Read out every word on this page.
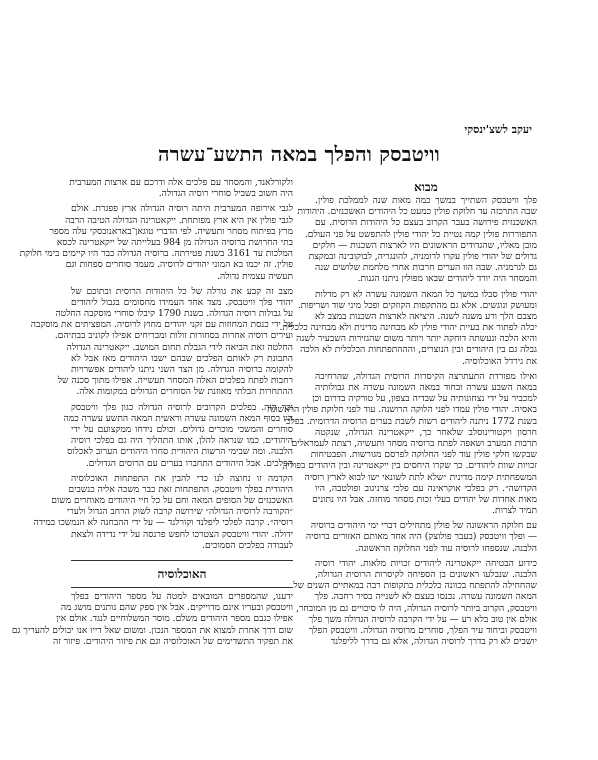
יעקב לשצ'ינסקי
וויטבסק והפלך במאה התשע־עשרה
מבוא
פלך וויטבסק השתייך במשך כמה מאות שנה לממלכת פולין.
שבה התרכזה עד חלוקת פולין כמעט כל היהודים האשכנזים. היהודות
האשכנזית פירושה בעבר הקרוב בעצם כל היהודות הרוסית. עם
התפוררות פולין קמה נטיית כל יהודי פולין להתפשט על פני העולם.
מובן מאליו, שהגדודים הראשונים היו לארצות השכנות — חלקים
גדולים של יהודי פולין עקרו לרומניה, להונגריה, לבוקובינה ובמקצת
גם לגרמניה. שבה הוו הערים חרבות אחרי מלחמת שלושים שנה
והמסחר היה יורד ליהודים שבאו מפולין ניתנו הגנות.
יהודי פולין סבלו במשך כל המאה השמונה עשרה לא רק מדלות
ומעושק ונוגשים. אלא גם מהתקפות הקוזקים ופכל מיני שוד ושריפות.
מצבם הלך ורע משנה לשנה. היציאה לארצות השכנות במצב לא
יכלה לפתור את בעיית יהודי פולין לא מבחינה מדינית ולא מבחינה כלכלית.
והיא הלכה ונעשתה דוחקה יותר ויותר משום שהגזירות השבעיר לשנה
גבלה גם בין היהודים ובין הנוצרים, והההתפתחות הכלכלית לא הלכה
את גירדל האוכלוסיה.
ואילו מפורדת התעתרצה הקיסרות הרוסית הגדולה, שהרחיבה
במאה השבע עשרה ובחוד במאה השמונה עשרה את גבולותיה
למכביר על ידי נצחונותיה על שבדיה בצפון, על טורקיה בדרום וכן
באסיה. יהודי פולין עמדו לפני הלוקה הרושנה. עוד לפני חלוקת פולין הראשונה
בשנת 1772 ניתנה ליהודים רשות לשבת בערים הרוסיה הדרומית. בפלכי
חרסון ויקטורינוסלב שלאחר כך, ייקאטרינה הגדולה, שנקטה
תרבות המערב ושאפה לפתח ברוסיה מסחר ותעשיה, רצתה לעמראלים
שבקשו חלקי פולין עוד לפני החלוקה לפרסם מגורשות. הפבטיחות
זכויות שוות ליהודים. כך שקרו היחסים בין ייקאטרינה ובין היהודים בפולין,
המשפחתית קימה מדינית ״שלא לתת לשונאי ישו לבוא לארץ רוסיה
הקדושה״. רק בפלכי אוקראינה עם פלכי צרניגוב ופולטבה, היו
מאות אחדות של יהודים בעלי זכות מסחר מוחזה. אבל היו נתונים
תמיד לצרות.
עם חלוקה הראשונה של פולין מתחילים דברי ימי היהודים ברוסיה
— ופלך וויטבסק (בעבר פולוצק) היה אחד מאותם האזורים ברוסיה
הלבנה. שנספחו לרוסיה עוד לפני החלוקה הראשונה.
כידוע הבטיחה ייקאטרינה ליהודים זכויות מלאות. יהודי רוסיה
הלבנה. שנבלעו ראשונים בן הספיחה לקיסרות הרוסית הגדולה,
שהחחילה להתפתח בכוונה כלכלית בתקופות רבה במאתיים השנים של
המאה השמונה עשרה. נכנסו בעצם לא לשנייה בסיר רחבה. פלך
וויטבסק, הקרוב ביותר לרוסיה הגדולה, היה לו סיכויים גם מן המובחר,
אולם אין טוב בלא רע — על ידי הקרבה לרוסיה הגדולה משך פלך
וויטבסק וביחוד עיר הפלך, סוחרים מרוסיה הגדולה. וויטבסק הפלך
יושבים לא רק בדרך לרוסיה הגדולה, אלא גם בדרך לליפלנד
ולקורלאנד, והמסחר עם פלכים אלה ודרכם עם ארצות המערבית
היה חשוב בשביל סוחרי רוסיה הגדולה.
לגבי אירופה המערבית היתה רוסיה הגדולה ארץ פפגרת. אולם
לגבי פולין אין היא ארץ מפותחת. ייקאטרינה הגדולה הטיבה הרבה
מרץ בפיתוח מסחר ותעשיה. לפי הדברי טוגאן־באראנובסקי עלה מספר
בתי החרושת ברוסיה הגדולה מן 984 בעלייתה של ייקאטרינה לכסא
המלכות עד 3161 בשנת פטירתה. ברוסיה הגדולה כבר היו קיימים בימי חלוקת
פולין. זה יכמו בא המוני יהודים לרוסיה. מעמד סוחרים ספחות וגם
תעשיה עצמית גדולה.
מצב זה קבע את גורלה של כל היהודות הרוסית ובתוכם של
יהודי פלך וויטבסק. מצד אחד העמידו מחסומים בגבול ליהודים
על גבולות רוסיה הגדולה. בשנת 1790 קיבלו סוחרי מוסקבה החלטה
על ידי כנסת המחוזות עם זקני יהודים מחוץ לרוסיה. המפציתים את מוסקבה
ועירים רוסיה אחרות בסחורות זולות ומבריחים אפילו לקוניב בבתיהם.
החלטה זאת הביאה לידי הגבלת תחום המושב. ייקאטרינה הגדולה
התבונת רק לאותם הפלכים שבהם ישבו היהודים מאז אבל לא
להקומה ברוסיה הגדולה. מן הצד השני ניתנו ליהודים אפשרויות
רחבות לפתח בפלכים האלה המסחר תעשייה. אפילו מתוך סכנה של
ההתחרות הבלתי מאוזנת של הסוחרים הגדולים במקומות אלה.
וכך הוה. בפלכים הקרובים לרוסיה הגדולה כגון פלך וויטבסק
היו בסוף המאה השמונה עשרה וראשית המאה התשע עשרה כמה
סוחרים והמשכי מוכרים גדולים. וכולם נידחו ממקצועם על ידי
היהודים. כמו שנראה להלן, אותו התהליך היה גם בפלכי רוסיה
הלבנה. ומה שבימי הרשות היהודית סחרו היהודים הערוב לאכלוס
הפלכים. אבל היהודים התחברו בערים עם הרוסים הגדולים.
הקדמה זו נחוצה לנו כדי להבין את התפתחות האוכלוסיה
היהודית בפלך וויטבסק. התפתחות זאת כבר משכה אליה כנשבים
האשכנזים של הסופים המאה וחם על כל חיי היהודים מאוחרים משום
״הקורבה לרוסיה הגדולה״ שירושה קרבה לשוק הרחב הגדול ולערי
רוסיה״. קרבה לפלכי ליפלנד וקורלנד — על ידי ההבחנה לא הנמשכו במידה
ידולה. יהודי וויטבסק הצטרכו לחפש פרנסה על ידי נדידה ולצאת
לעבודה בפלכים הסמוכים.
האוכלוסיה
ידענו, שהמספרים המובאים למטה על מספר היהודים בפלך
וויטבסק ובעריו אינם מדוייקים. אבל אין ספק שהם נותנים מושג מה
אפילו כגבם מספר היהודים משלם. מוסר המשלוחיים לנגד. אולם אין
שום דרך אחרת למצוא את המספר הנכון. ומשום שאל דייו אנו יכולים להעריך גם
את תפקיד התשדימים של האוכלוסיה וגם את פיזור היהודים. פיזור זה
